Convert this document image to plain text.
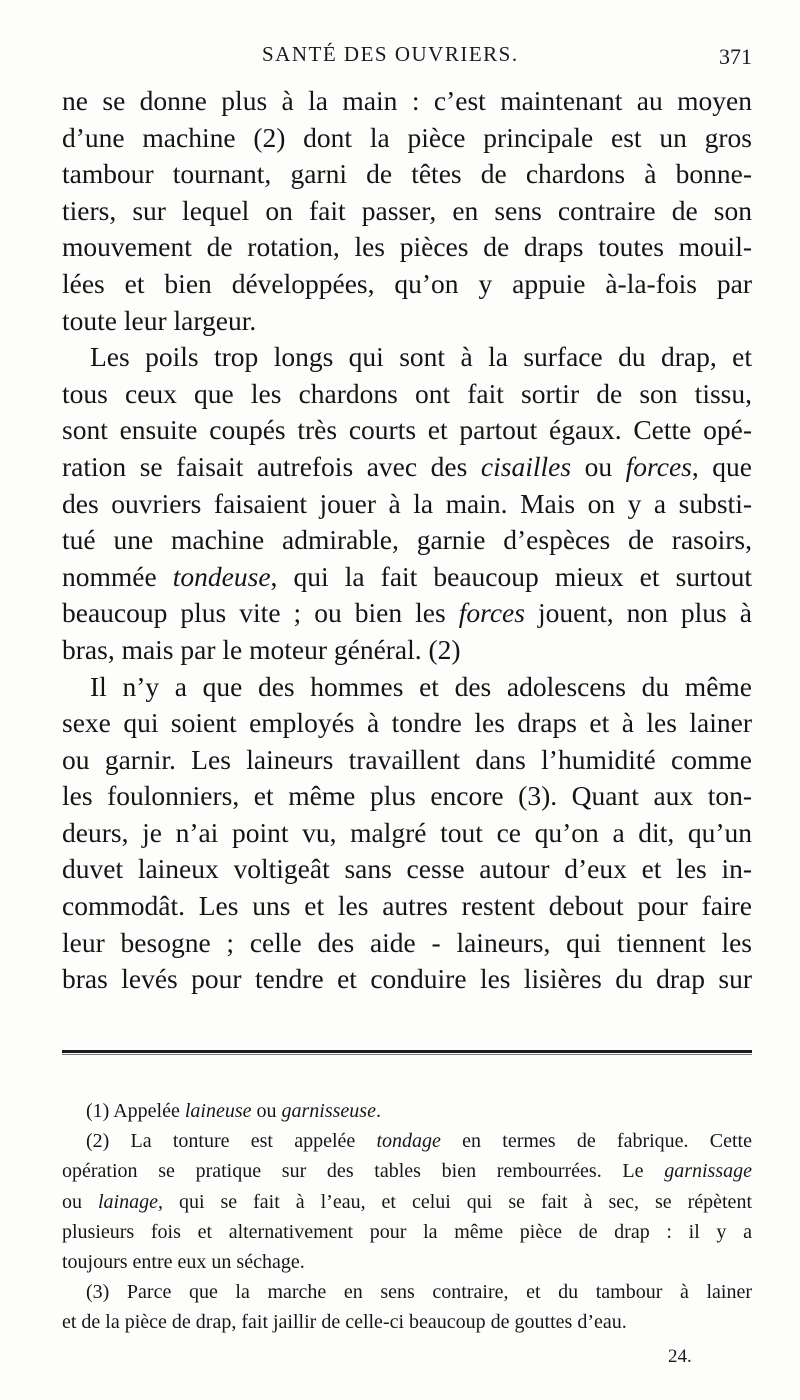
SANTÉ DES OUVRIERS.	371
ne se donne plus à la main : c’est maintenant au moyen
d’une machine (2) dont la pièce principale est un gros
tambour tournant, garni de têtes de chardons à bonne-
tiers, sur lequel on fait passer, en sens contraire de son
mouvement de rotation, les pièces de draps toutes mouil-
lées et bien développées, qu’on y appuie à-la-fois par
toute leur largeur.
Les poils trop longs qui sont à la surface du drap, et
tous ceux que les chardons ont fait sortir de son tissu,
sont ensuite coupés très courts et partout égaux. Cette opé-
ration se faisait autrefois avec des cisailles ou forces, que
des ouvriers faisaient jouer à la main. Mais on y a substi-
tué une machine admirable, garnie d’espèces de rasoirs,
nommée tondeuse, qui la fait beaucoup mieux et surtout
beaucoup plus vite ; ou bien les forces jouent, non plus à
bras, mais par le moteur général. (2)
Il n’y a que des hommes et des adolescens du même
sexe qui soient employés à tondre les draps et à les lainer
ou garnir. Les laineurs travaillent dans l’humidité comme
les foulonniers, et même plus encore (3). Quant aux ton-
deurs, je n’ai point vu, malgré tout ce qu’on a dit, qu’un
duvet laineux voltigeât sans cesse autour d’eux et les in-
commodât. Les uns et les autres restent debout pour faire
leur besogne ; celle des aide - laineurs, qui tiennent les
bras levés pour tendre et conduire les lisières du drap sur
(1) Appelée laineuse ou garnisseuse.
(2) La tonture est appelée tondage en termes de fabrique. Cette
opération se pratique sur des tables bien rembourrées. Le garnissage
ou lainage, qui se fait à l’eau, et celui qui se fait à sec, se répètent
plusieurs fois et alternativement pour la même pièce de drap : il y a
toujours entre eux un séchage.
(3) Parce que la marche en sens contraire, et du tambour à lainer
et de la pièce de drap, fait jaillir de celle-ci beaucoup de gouttes d’eau.
24.
